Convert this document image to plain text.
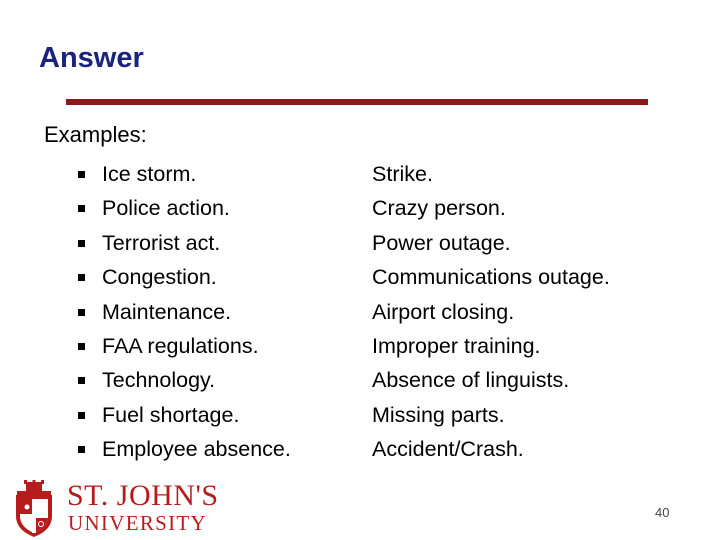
Answer
Examples:
Ice storm.
Police action.
Terrorist act.
Congestion.
Maintenance.
FAA regulations.
Technology.
Fuel shortage.
Employee absence.
Strike.
Crazy person.
Power outage.
Communications outage.
Airport closing.
Improper training.
Absence of linguists.
Missing parts.
Accident/Crash.
ST. JOHN'S
UNIVERSITY	40
